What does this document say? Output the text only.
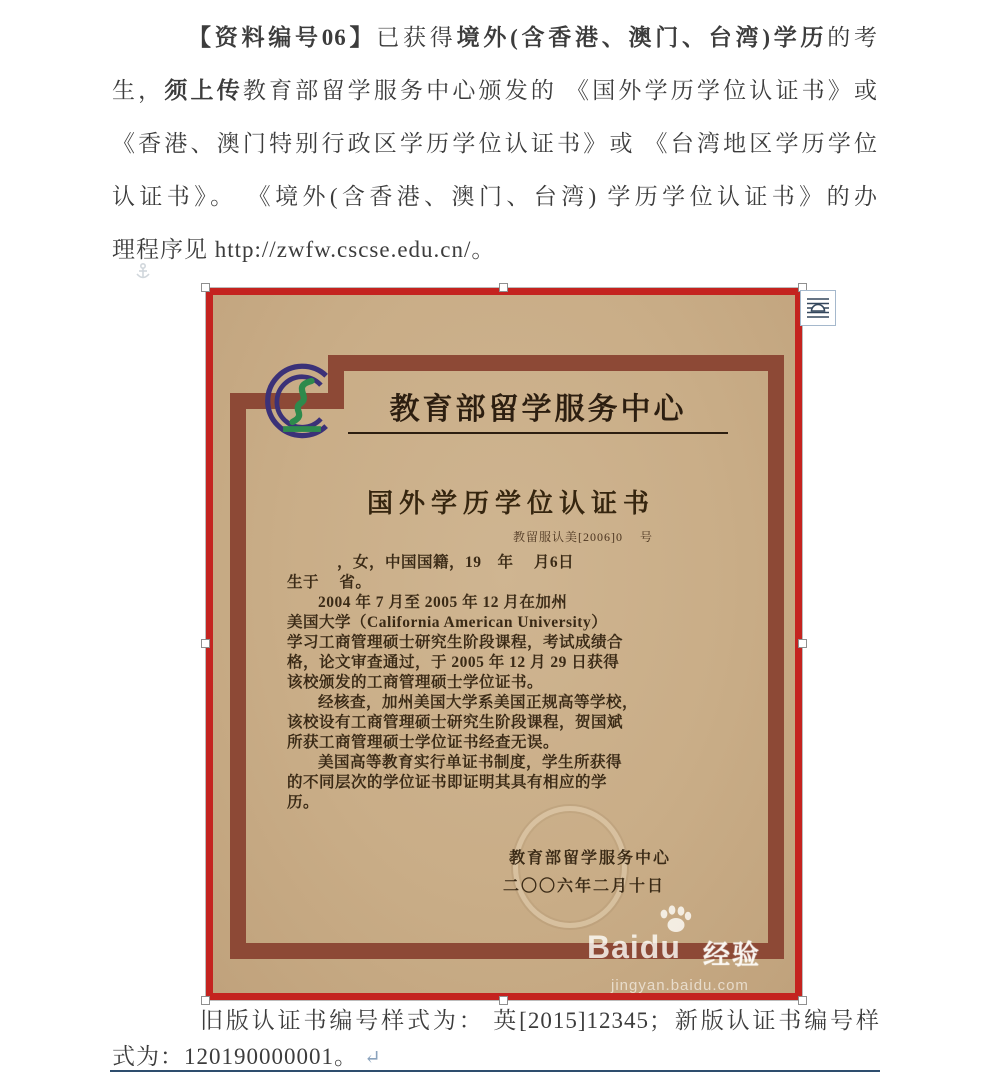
【资料编号06】已获得境外(含香港、澳门、台湾)学历的考
生，须上传教育部留学服务中心颁发的 《国外学历学位认证书》或
《香港、澳门特别行政区学历学位认证书》或 《台湾地区学历学位
认证书》。 《境外(含香港、澳门、台湾) 学历学位认证书》的办
理程序见 http://zwfw.cscse.edu.cn/。
教育部留学服务中心
国外学历学位认证书
教留服认美[2006]0　 号
，女，中国国籍，19　年　 月6日
生于　 省。
2004 年 7 月至 2005 年 12 月在加州
美国大学（California American University）
学习工商管理硕士研究生阶段课程，考试成绩合
格，论文审查通过，于 2005 年 12 月 29 日获得
该校颁发的工商管理硕士学位证书。
经核查，加州美国大学系美国正规高等学校，
该校设有工商管理硕士研究生阶段课程，贺国斌
所获工商管理硕士学位证书经查无误。
美国高等教育实行单证书制度，学生所获得
的不同层次的学位证书即证明其具有相应的学
历。
教育部留学服务中心
二〇〇六年二月十日
Baidu 经验
jingyan.baidu.com
旧版认证书编号样式为： 英[2015]12345；新版认证书编号样
式为：120190000001。 ↵
